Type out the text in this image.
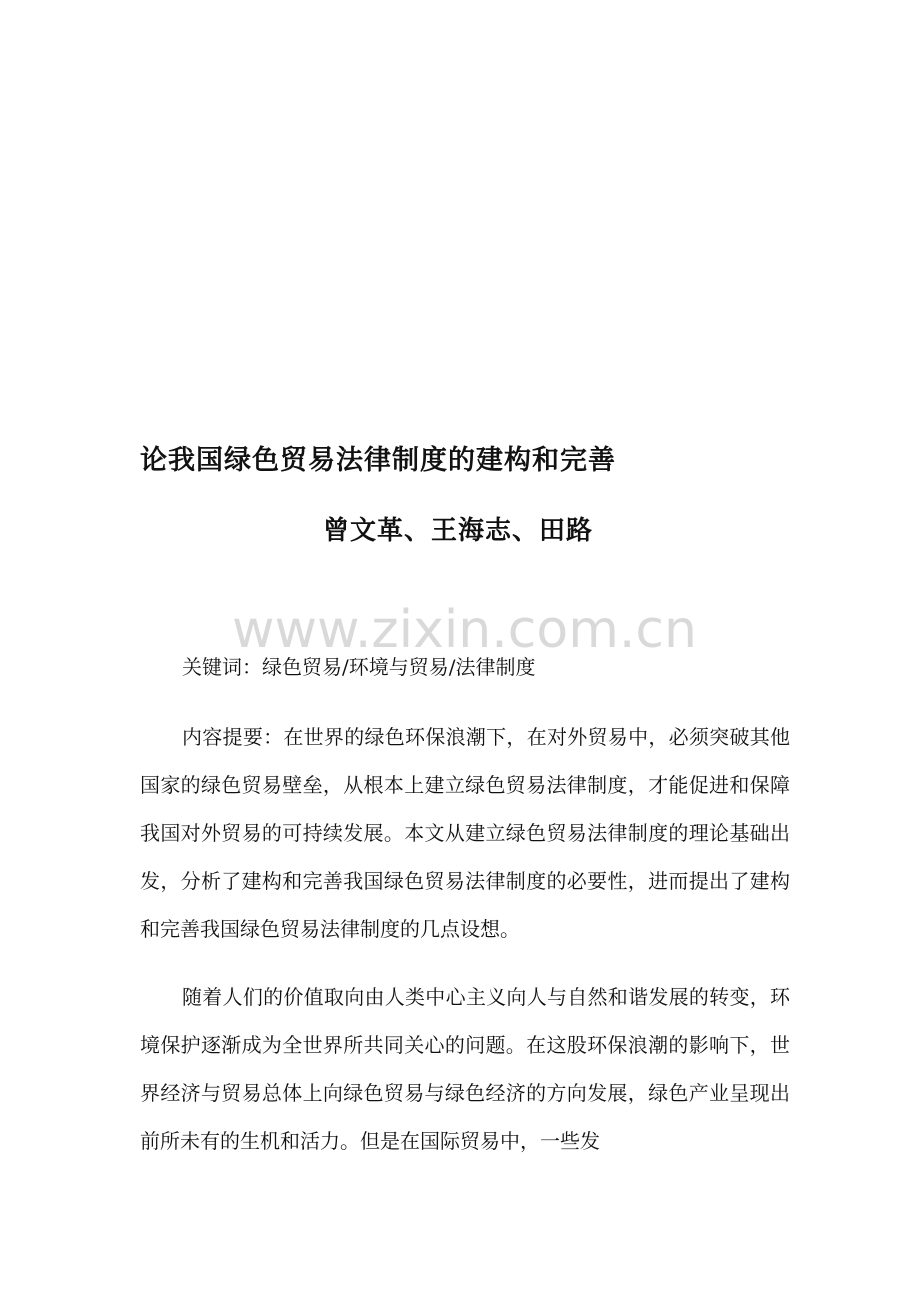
论我国绿色贸易法律制度的建构和完善
曾文革、王海志、田路
www.zixin.com.cn
关键词：绿色贸易/环境与贸易/法律制度
内容提要：在世界的绿色环保浪潮下，在对外贸易中，必须突破其他国家的绿色贸易壁垒，从根本上建立绿色贸易法律制度，才能促进和保障我国对外贸易的可持续发展。本文从建立绿色贸易法律制度的理论基础出发，分析了建构和完善我国绿色贸易法律制度的必要性，进而提出了建构和完善我国绿色贸易法律制度的几点设想。
随着人们的价值取向由人类中心主义向人与自然和谐发展的转变，环境保护逐渐成为全世界所共同关心的问题。在这股环保浪潮的影响下，世界经济与贸易总体上向绿色贸易与绿色经济的方向发展，绿色产业呈现出前所未有的生机和活力。但是在国际贸易中，一些发
